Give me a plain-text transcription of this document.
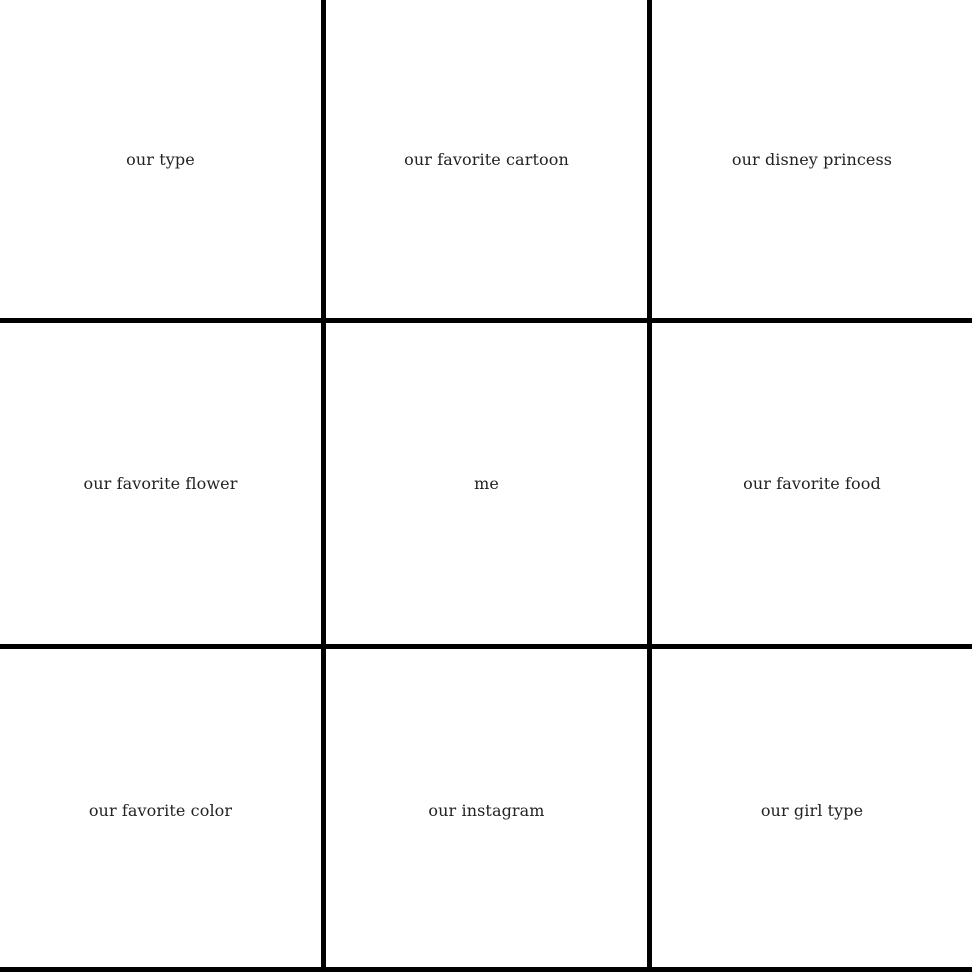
our type	our favorite cartoon	our disney princess
our favorite flower	me	our favorite food
our favorite color	our instagram	our girl type
